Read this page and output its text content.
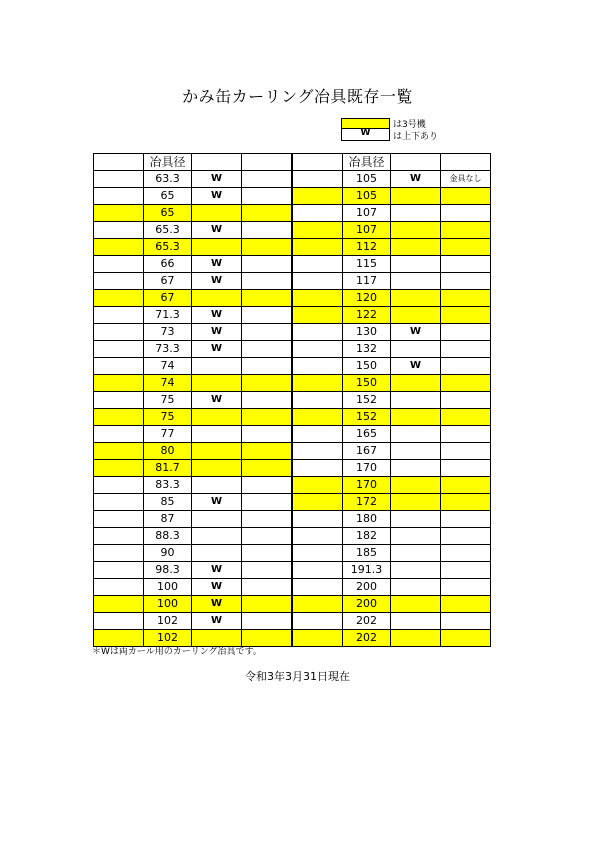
かみ缶カーリング冶具既存一覧
は3号機
W	は上下あり
	冶具径		
	63.3	W	
	65	W	
	65		
	65.3	W	
	65.3		
	66	W	
	67	W	
	67		
	71.3	W	
	73	W	
	73.3	W	
	74		
	74		
	75	W	
	75		
	77		
	80		
	81.7		
	83.3		
	85	W	
	87		
	88.3		
	90		
	98.3	W	
	100	W	
	100	W	
	102	W	
	102		
	冶具径		
	105	W	金具なし
	105		
	107		
	107		
	112		
	115		
	117		
	120		
	122		
	130	W	
	132		
	150	W	
	150		
	152		
	152		
	165		
	167		
	170		
	170		
	172		
	180		
	182		
	185		
	191.3		
	200		
	200		
	202		
	202		
＊Wは両カール用のカーリング冶具です。
令和3年3月31日現在
